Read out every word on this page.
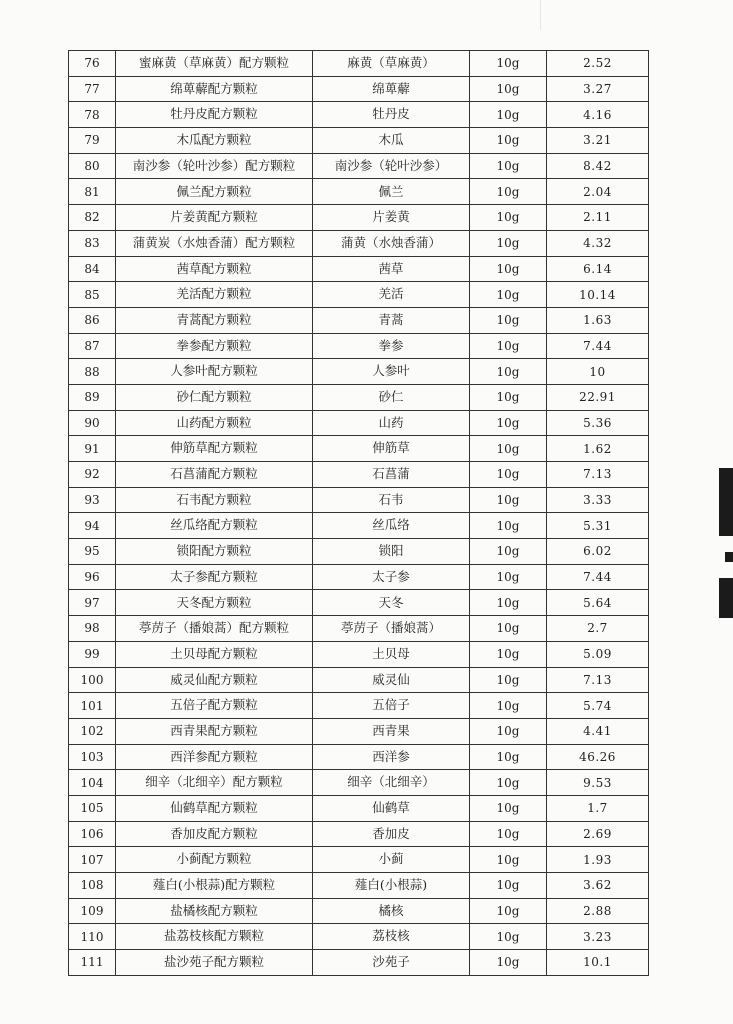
76	蜜麻黄（草麻黄）配方颗粒	麻黄（草麻黄）	10g	2.52
77	绵萆薢配方颗粒	绵萆薢	10g	3.27
78	牡丹皮配方颗粒	牡丹皮	10g	4.16
79	木瓜配方颗粒	木瓜	10g	3.21
80	南沙参（轮叶沙参）配方颗粒	南沙参（轮叶沙参）	10g	8.42
81	佩兰配方颗粒	佩兰	10g	2.04
82	片姜黄配方颗粒	片姜黄	10g	2.11
83	蒲黄炭（水烛香蒲）配方颗粒	蒲黄（水烛香蒲）	10g	4.32
84	茜草配方颗粒	茜草	10g	6.14
85	羌活配方颗粒	羌活	10g	10.14
86	青蒿配方颗粒	青蒿	10g	1.63
87	拳参配方颗粒	拳参	10g	7.44
88	人参叶配方颗粒	人参叶	10g	10
89	砂仁配方颗粒	砂仁	10g	22.91
90	山药配方颗粒	山药	10g	5.36
91	伸筋草配方颗粒	伸筋草	10g	1.62
92	石菖蒲配方颗粒	石菖蒲	10g	7.13
93	石韦配方颗粒	石韦	10g	3.33
94	丝瓜络配方颗粒	丝瓜络	10g	5.31
95	锁阳配方颗粒	锁阳	10g	6.02
96	太子参配方颗粒	太子参	10g	7.44
97	天冬配方颗粒	天冬	10g	5.64
98	葶苈子（播娘蒿）配方颗粒	葶苈子（播娘蒿）	10g	2.7
99	土贝母配方颗粒	土贝母	10g	5.09
100	威灵仙配方颗粒	威灵仙	10g	7.13
101	五倍子配方颗粒	五倍子	10g	5.74
102	西青果配方颗粒	西青果	10g	4.41
103	西洋参配方颗粒	西洋参	10g	46.26
104	细辛（北细辛）配方颗粒	细辛（北细辛）	10g	9.53
105	仙鹤草配方颗粒	仙鹤草	10g	1.7
106	香加皮配方颗粒	香加皮	10g	2.69
107	小蓟配方颗粒	小蓟	10g	1.93
108	薤白(小根蒜)配方颗粒	薤白(小根蒜)	10g	3.62
109	盐橘核配方颗粒	橘核	10g	2.88
110	盐荔枝核配方颗粒	荔枝核	10g	3.23
111	盐沙苑子配方颗粒	沙苑子	10g	10.1
